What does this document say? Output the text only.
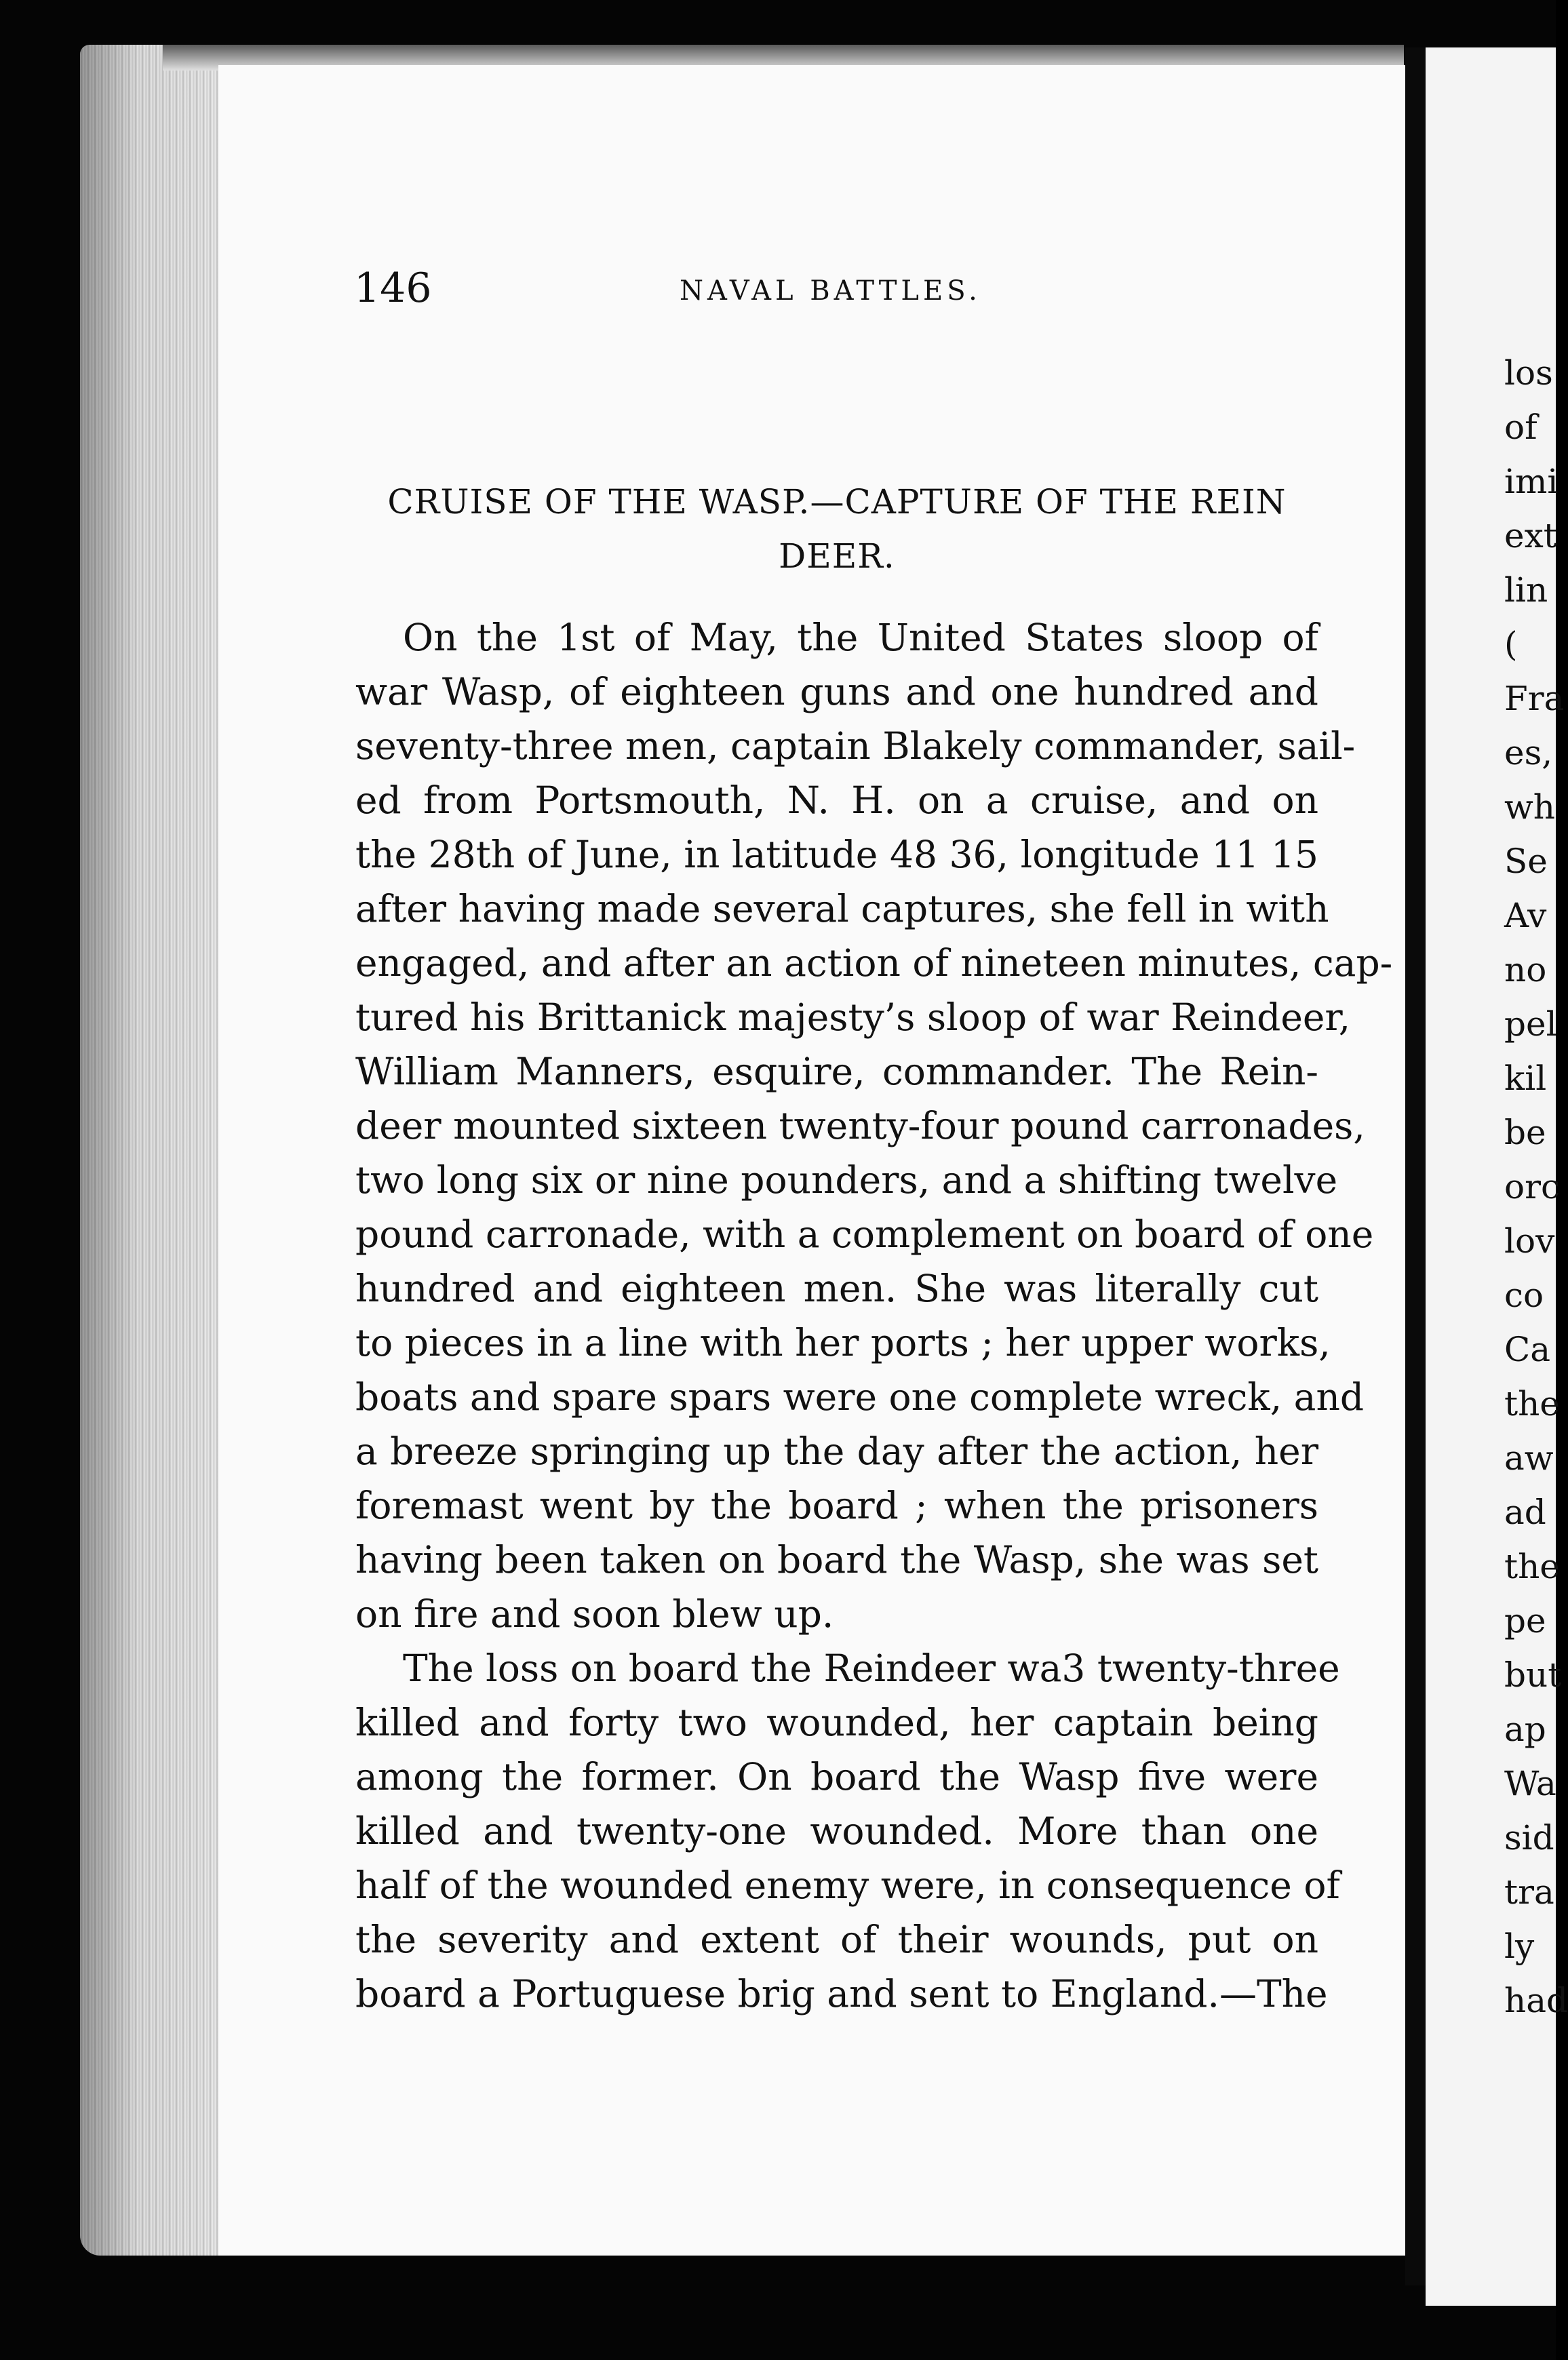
146	NAVAL BATTLES.
CRUISE OF THE WASP.—CAPTURE OF THE REIN
DEER.
On the 1st of May, the United States sloop of
war Wasp, of eighteen guns and one hundred and
seventy-three men, captain Blakely commander, sail-
ed from Portsmouth, N. H. on a cruise, and on
the 28th of June, in latitude 48 36, longitude 11 15
after having made several captures, she fell in with
engaged, and after an action of nineteen minutes, cap-
tured his Brittanick majesty’s sloop of war Reindeer,
William Manners, esquire, commander. The Rein-
deer mounted sixteen twenty-four pound carronades,
two long six or nine pounders, and a shifting twelve
pound carronade, with a complement on board of one
hundred and eighteen men. She was literally cut
to pieces in a line with her ports ; her upper works,
boats and spare spars were one complete wreck, and
a breeze springing up the day after the action, her
foremast went by the board ; when the prisoners
having been taken on board the Wasp, she was set
on fire and soon blew up.
The loss on board the Reindeer wa3 twenty-three
killed and forty two wounded, her captain being
among the former. On board the Wasp five were
killed and twenty-one wounded. More than one
half of the wounded enemy were, in consequence of
the severity and extent of their wounds, put on
board a Portuguese brig and sent to England.—The
los
of
imi
ext
lin
(
Fra
es,
wh
Se
Av
no
pel
kil
be
orc
lov
co
Ca
the
aw
ad
the
pe
but
ap
Wa
sid
tra
ly
had
